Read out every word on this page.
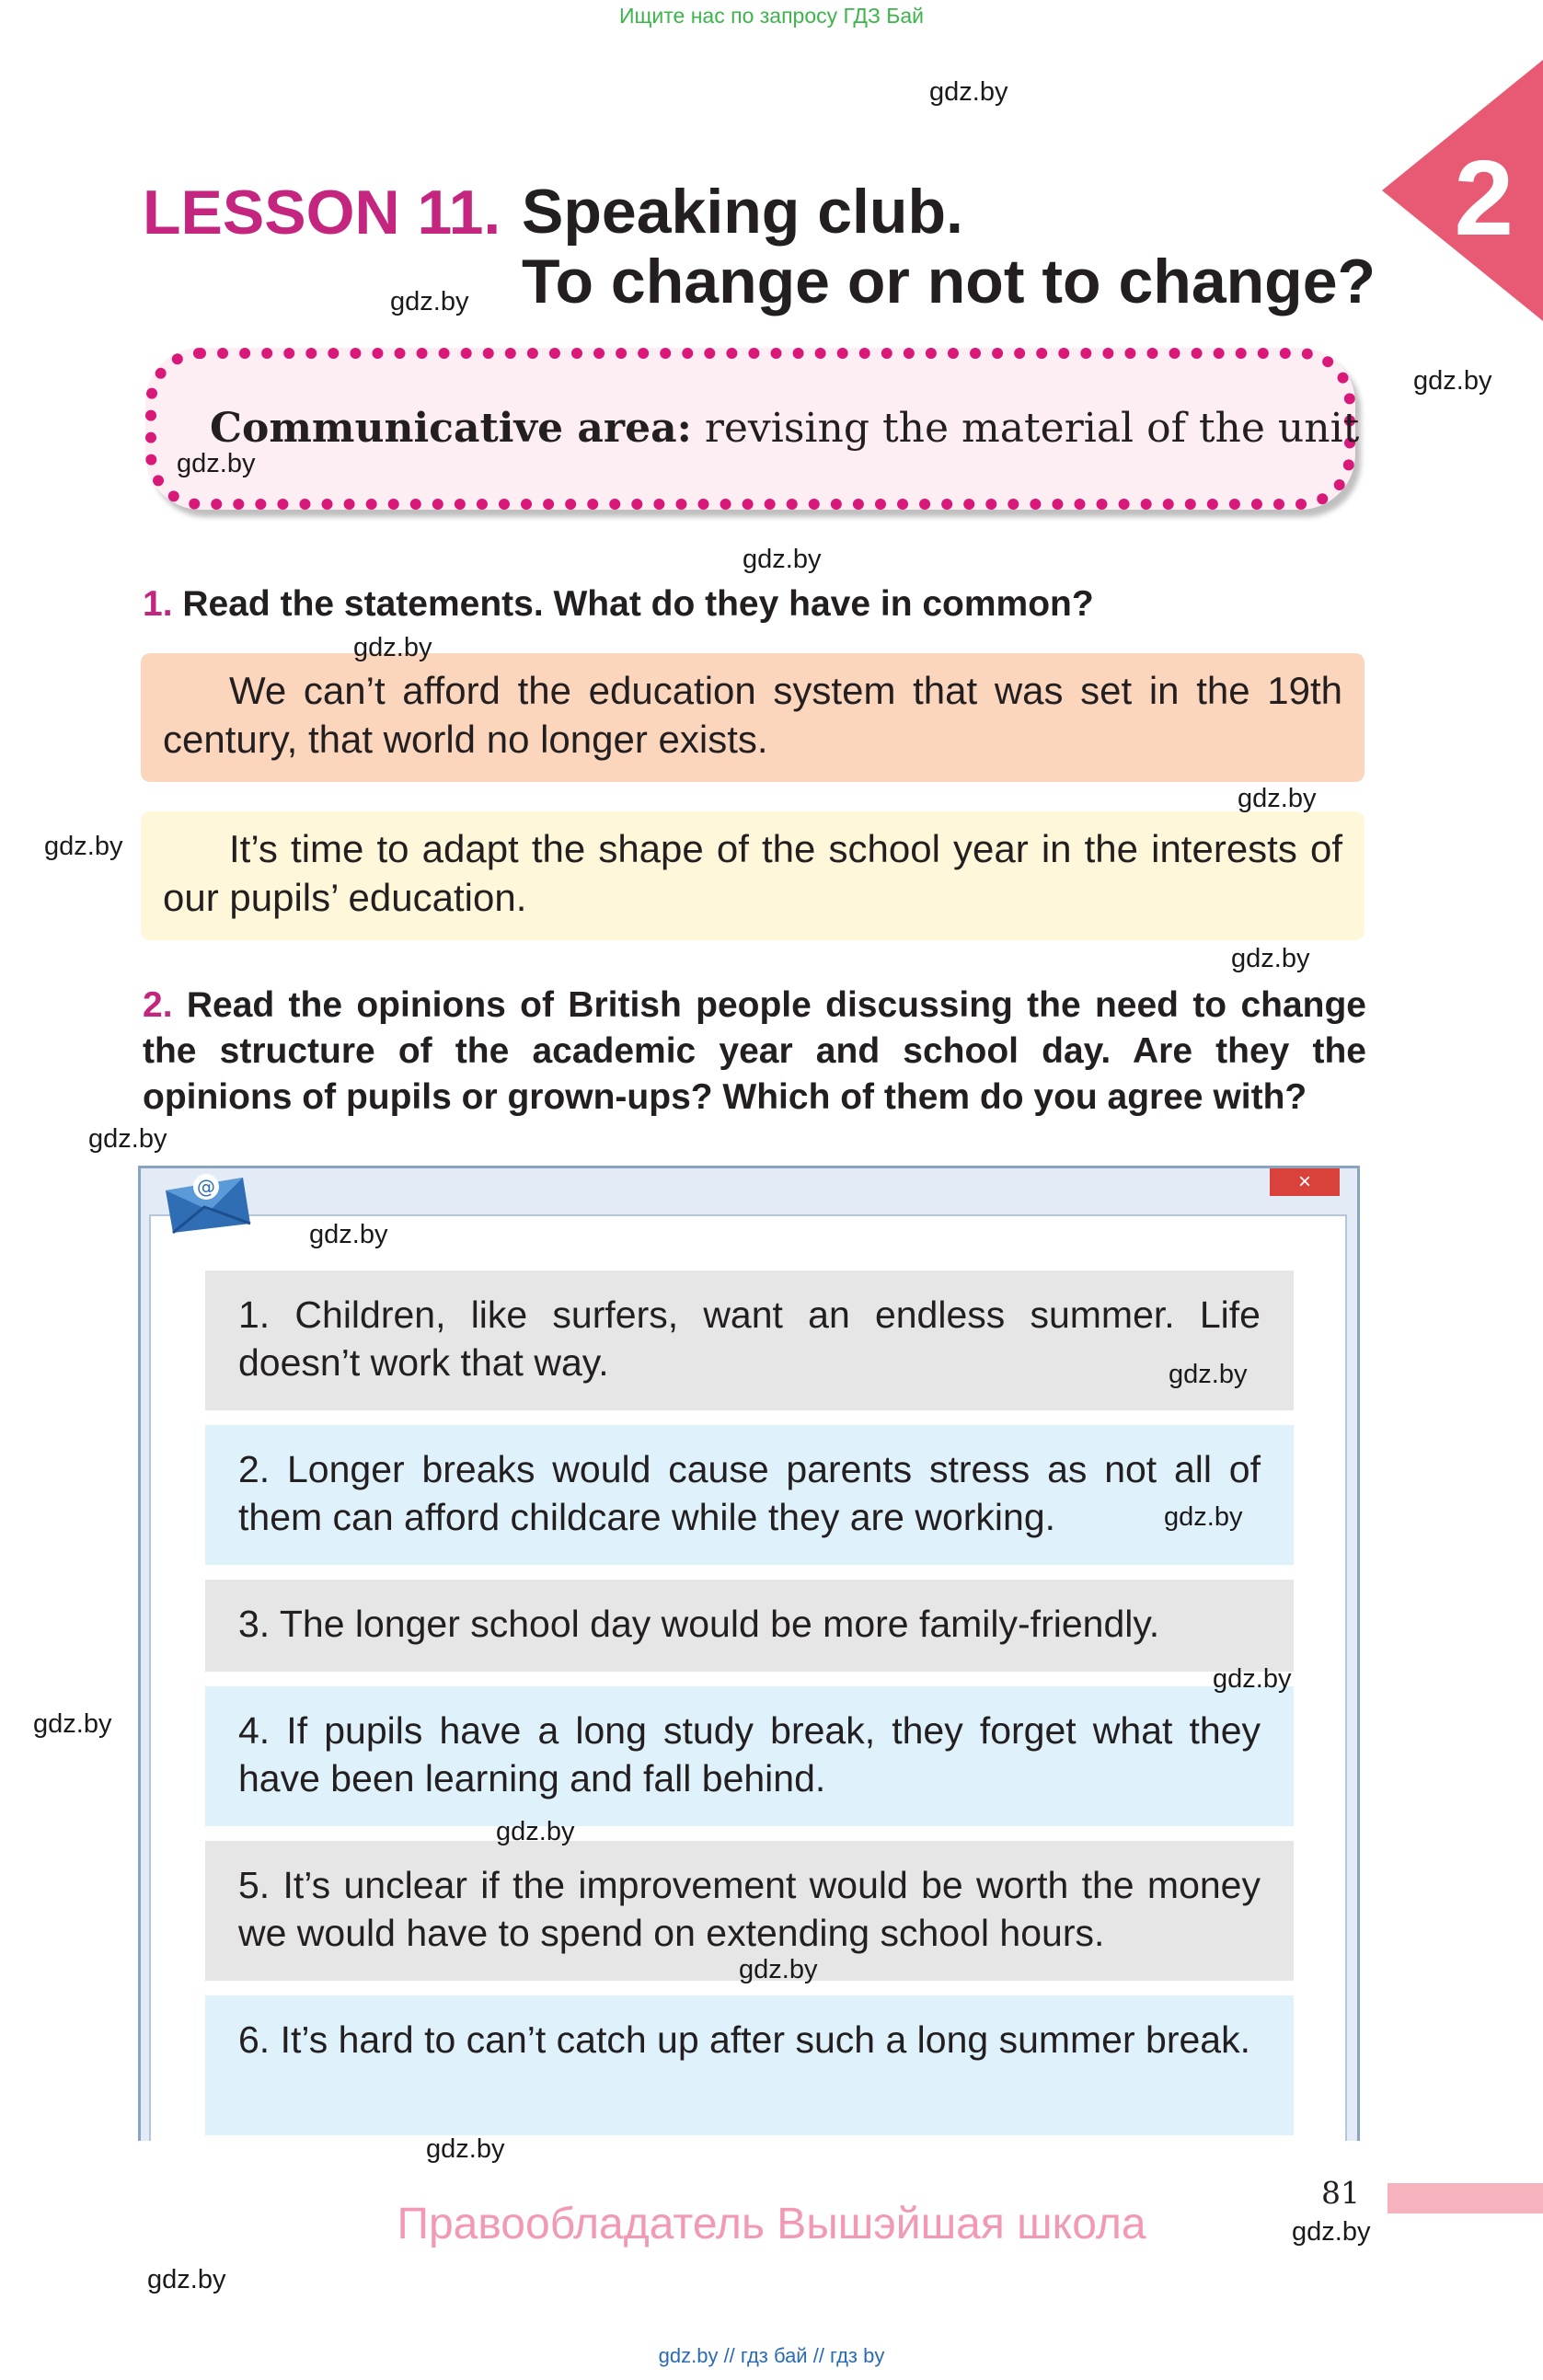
Ищите нас по запросу ГДЗ Бай
2
LESSON 11. Speaking club.
To change or not to change?
Communicative area: revising the material of the unit
1. Read the statements. What do they have in common?
We can’t afford the education system that was set in the 19th century, that world no longer exists.
It’s time to adapt the shape of the school year in the interests of our pupils’ education.
2. Read the opinions of British people discussing the need to change the structure of the academic year and school day. Are they the opinions of pupils or grown-ups? Which of them do you agree with?
@	×
1. Children, like surfers, want an endless summer. Life doesn’t work that way.
2. Longer breaks would cause parents stress as not all of them can afford childcare while they are working.
3. The longer school day would be more family-friendly.
4. If pupils have a long study break, they forget what they have been learning and fall behind.
5. It’s unclear if the improvement would be worth the money we would have to spend on extending school hours.
6. It’s hard to can’t catch up after such a long summer break.
81
Правообладатель Вышэйшая школа
gdz.by // гдз бай // гдз by
gdz.by
gdz.by
gdz.by
gdz.by
gdz.by
gdz.by
gdz.by
gdz.by
gdz.by
gdz.by
gdz.by
gdz.by
gdz.by
gdz.by
gdz.by
gdz.by
gdz.by
gdz.by
gdz.by
gdz.by
